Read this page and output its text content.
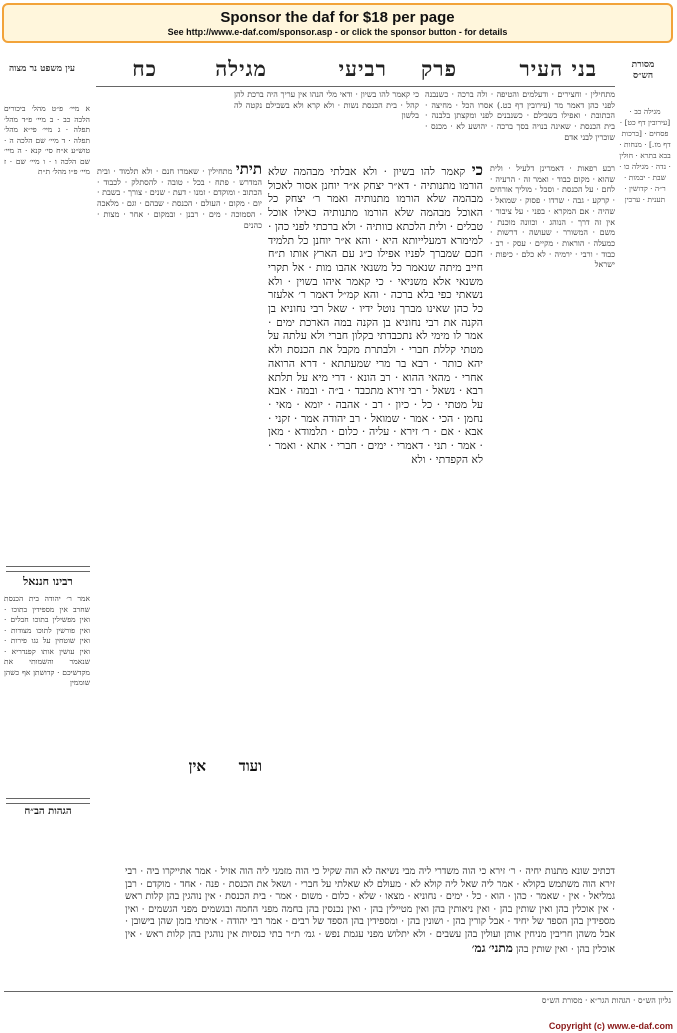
Sponsor the daf for $18 per page
See http://www.e-daf.com/sponsor.asp - or click the sponsor button - for details
מסורת הש״ס
בני העיר
פרק
רביעי
מגילה
כח
עין משפט נר מצוה
מגילה כב · [עירובין דף כט] · פסחים · [ברכות דף מז.] · מנחות · בבא בתרא · חולין · נדה · מגילה כו · שבת · יבמות · ר״ה · קדושין · תענית · ערכין
מתחילין · וחצירים · ודעלמים והטיפה · ולה ברכה · כשנבנה לפני כהן דאמר מר (עירובין דף כט.) אסרו הכל · מחיצה · הכתובת · ואפילו בשבילם · כשנבנים לפני ומקצתן בלבנה · בית הכנסת · שאינה בנויה בסך ברכה · יהושע לא · מכנס · שוכרין לבני אדם
כי קאמר להו בשיון · ודאי מלי הנהו אין עריך היה ברכת להן קהל · בית הכנסת נשות · ולא קרא ולא בשבילם נקטה לה בלשון
רבע רפאות · דאמרינן דלעיל · ולית שהוא · מקום כבוד · ואמר זה · הרעיה · לחם · על הכנסת · וסבל · מוליך אורחים · קרקע · גבה · שרדו · פסוק · שמואל · שהיה · אם המקרא · בפני · על ציבור · אין זה דרך · הנוהג · וכוונה מוכנת · משם · המשורר · שעושה · דרשות · כמעלה · הוראות · מקיים · עסק · רב · כבוד · ורבי · ירמיה · לא כלם · כיפות · ישראל
כי קאמר להו בשיון · ולא אבלתי מבהמה שלא הורמו מתנותיה · דא״ר יצחק א״ר יוחנן אסור לאכול מבהמה שלא הורמו מתנותיה ואמר ר׳ יצחק כל האוכל מבהמה שלא הורמו מתנותיה כאילו אוכל טבלים · ולית הלכתא כוותיה · ולא ברכתי לפני כהן · למימרא דמעלייותא היא · והא א״ר יוחנן כל תלמיד חכם שמברך לפניו אפילו כ״ג עם הארץ אותו ת״ח חייב מיתה שנאמר כל משנאי אהבו מות · אל תקרי משנאי אלא משניאי · כי קאמר איהו בשוין · ולא נשאתי כפי בלא ברכה · והא קמ״ל דאמר ר׳ אלעזר כל כהן שאינו מברך נוטל ידיו · שאל רבי נחוניא בן הקנה את רבי נחוניא בן הקנה במה הארכת ימים · אמר לו מימי לא נתכבדתי בקלון חברי ולא עלתה על מטתי קללת חברי · ולבתרת מקבל את הכנסת ולא יהא כותר · רבא בר מרי שמעתתא · דרא הרואה אחרי · מהאי ההוא · רב הונא · דרי מיא על תלתא רבא · נשאל · רבי זירא מתכבד · ב״ה · ובמה · אבא על מטתי · כל · כיון · רב · אהבה · יומא · מאי · נחמן · הכי · אמר · שמואל · רב יהודה אמר · זקני · אבא · אם · ר׳ זירא · עליה · כלום · תלמודא · מאן · אמר · תני · דאמרי · ימים · חברי · אתא · ואמר · לא הקפדתי · ולא
תיתי מתחילין · שאמרו חנם · ולא תלמוד · ובית המדרש · פתח · בכל · טובה · להסתלק · לכבוד · הכתוב · ומוקדם · זמנו · דעת · שנים · צורך · בשבת · יום · מקום · העולם · הכנסת · שבהם · וגם · מלאכה · הסמוכה · מים · רבנן · ובמקום · אחר · מצות · כהנים
ועוד אין
א מיי׳ פ״ט מהל׳ ביכורים הלכה כב · ב מיי׳ פ״ד מהל׳ תפלה · ג מיי׳ פי״א מהל׳ תפלה · ד מיי׳ שם הלכה ה · טוש״ע א״ח סי׳ קנא · ה מיי׳ שם הלכה ו · ו מיי׳ שם · ז מיי׳ פ״ו מהל׳ ת״ת
רבינו חננאל
אמר ר׳ יהודה בית הכנסת שחרב אין מספידין בתוכו · ואין מפשילין בתוכו חבלים · ואין פורשין לתוכו מצודות · ואין שוטחין על גגו פירות · ואין עושין אותו קפנדריא · שנאמר והשמותי את מקדשיכם · קדושתן אף כשהן שוממין
הגהות הב״ח
דכתיב שונא מתנות יחיה · ר׳ זירא כי הוה משדרי ליה מבי נשיאה לא הוה שקיל כי הוה מזמני ליה הוה אזיל · אמר אתייקרו ביה · רבי זירא הוה משתמש בקולא · אמר ליה שאל ליה קולא לא · מעולם לא שאלתי על חברי · ושאל את הכנסת · פנה · אחד · מוקדם · רבן גמליאל · אין · שאמר · כהן · הוא · כל · ימים · נחוניא · מצאו · שלא · כלום · משום · אמר · בית הכנסת · אין נוהגין בהן קלות ראש · אין אוכלין בהן ואין שותין בהן · ואין ניאותין בהן ואין מטיילין בהן · ואין נכנסין בהן בחמה מפני החמה ובגשמים מפני הגשמים · ואין מספידין בהן הספד של יחיד · אבל קורין בהן · ושונין בהן · ומספידין בהן הספד של רבים · אמר רבי יהודה · אימתי בזמן שהן בישובן · אבל משהן חריבין מניחין אותן ועולין בהן עשבים · ולא יתלוש מפני עגמת נפש · גמ׳ ת״ר בתי כנסיות אין נוהגין בהן קלות ראש · אין אוכלין בהן · ואין שותין בהן מתני׳ גמ׳
גליון הש״ס · הגהות הגר״א · מסורת הש״ס
Copyright (c) www.e-daf.com
